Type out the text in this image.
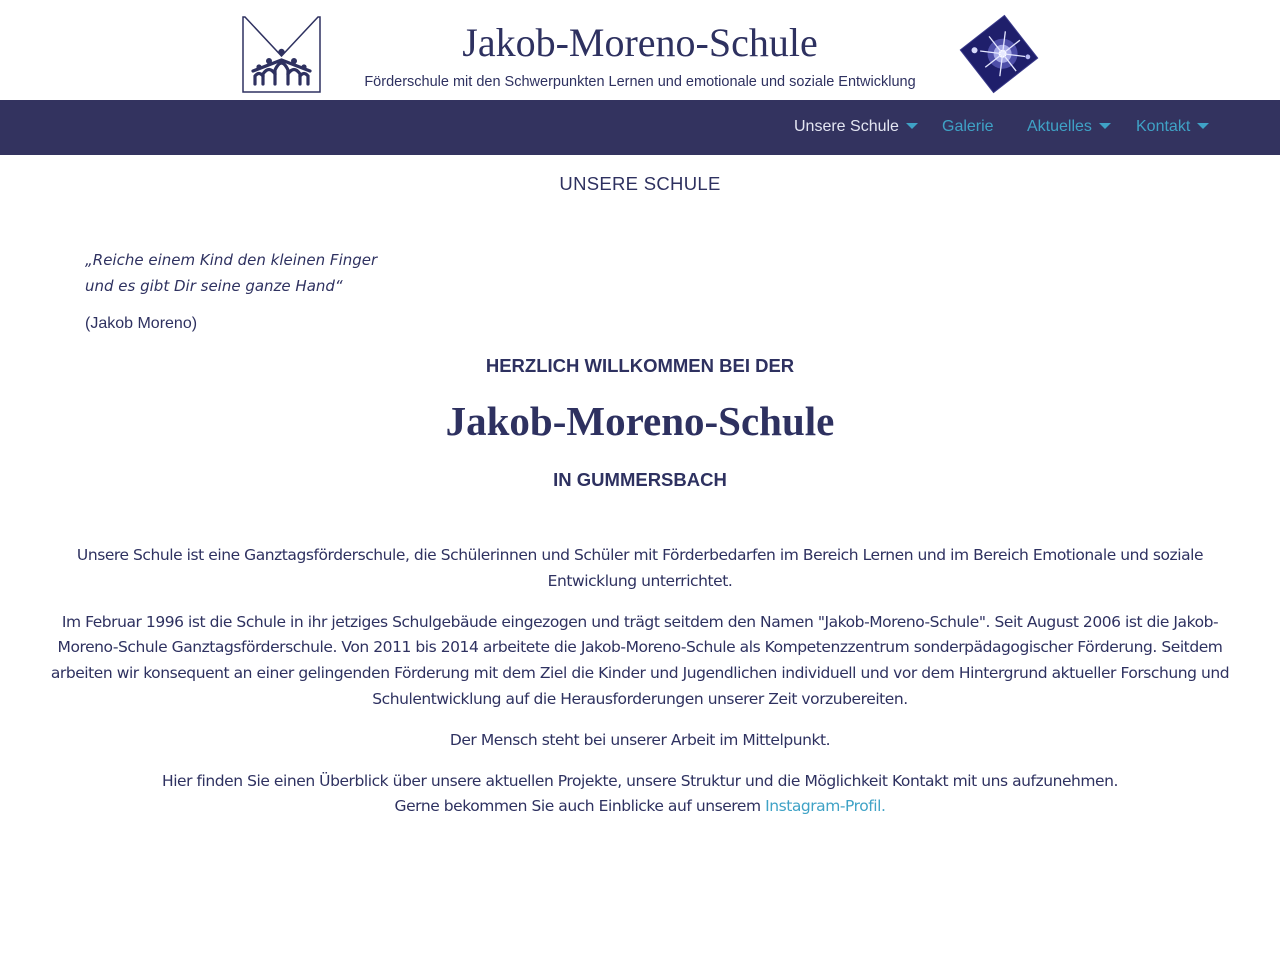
Jakob-Moreno-Schule
Förderschule mit den Schwerpunkten Lernen und emotionale und soziale Entwicklung
Unsere Schule	Galerie Aktuelles	Kontakt
UNSERE SCHULE
„Reiche einem Kind den kleinen Finger
und es gibt Dir seine ganze Hand“
(Jakob Moreno)
HERZLICH WILLKOMMEN BEI DER
Jakob-Moreno-Schule
IN GUMMERSBACH

Unsere Schule ist eine Ganztagsförderschule, die Schülerinnen und Schüler mit Förderbedarfen im Bereich Lernen und im Bereich Emotionale und soziale Entwicklung unterrichtet.

Im Februar 1996 ist die Schule in ihr jetziges Schulgebäude eingezogen und trägt seitdem den Namen "Jakob-Moreno-Schule". Seit August 2006 ist die Jakob-Moreno-Schule Ganztagsförderschule. Von 2011 bis 2014 arbeitete die Jakob-Moreno-Schule als Kompetenzzentrum sonderpädagogischer Förderung. Seitdem arbeiten wir konsequent an einer gelingenden Förderung mit dem Ziel die Kinder und Jugendlichen individuell und vor dem Hintergrund aktueller Forschung und Schulentwicklung auf die Herausforderungen unserer Zeit vorzubereiten.

Der Mensch steht bei unserer Arbeit im Mittelpunkt.

Hier finden Sie einen Überblick über unsere aktuellen Projekte, unsere Struktur und die Möglichkeit Kontakt mit uns aufzunehmen.
Gerne bekommen Sie auch Einblicke auf unserem Instagram-Profil.
